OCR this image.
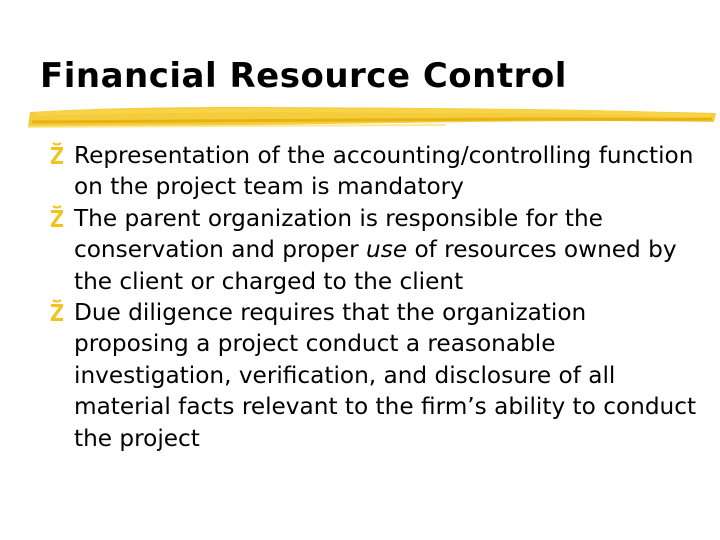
Financial Resource Control
Representation of the accounting/controlling function on the project team is mandatory
The parent organization is responsible for the conservation and proper use of resources owned by the client or charged to the client
Due diligence requires that the organization proposing a project conduct a reasonable investigation, verification, and disclosure of all material facts relevant to the firm’s ability to conduct the project
